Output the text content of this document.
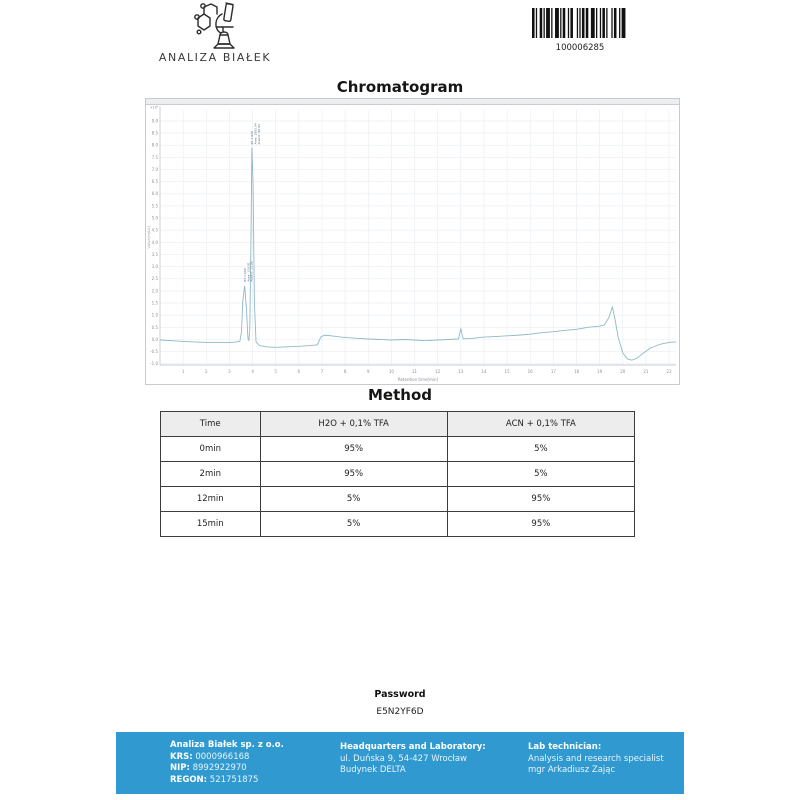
ANALIZA BIAŁEK
100006285
Chromatogram
9.0
8.5
8.0
7.5
7.0
6.5
6.0
5.5
5.0
4.5
4.0
3.5
3.0
2.5
2.0
1.5
1.0
0.5
0.0
-0.5
-1.0
x10²
1	2	3	4	5	6	7	8	9	10	11	12	13	14	15	16	17	18	19	20	21	22
Retention time[min]
Value[mAU]
RT 3.660 Area: 150.81 Area%: 13.06
RT 3.970 Area: 1003.64 Area%: 86.94
Method
Time	H2O + 0,1% TFA	ACN + 0,1% TFA
0min	95%	5%
2min	95%	5%
12min	5%	95%
15min	5%	95%
Password
E5N2YF6D
Analiza Białek sp. z o.o.
KRS: 0000966168
NIP: 8992922970
REGON: 521751875
Headquarters and Laboratory:
ul. Duńska 9, 54-427 Wrocław
Budynek DELTA
Lab technician:
Analysis and research specialist
mgr Arkadiusz Zając
